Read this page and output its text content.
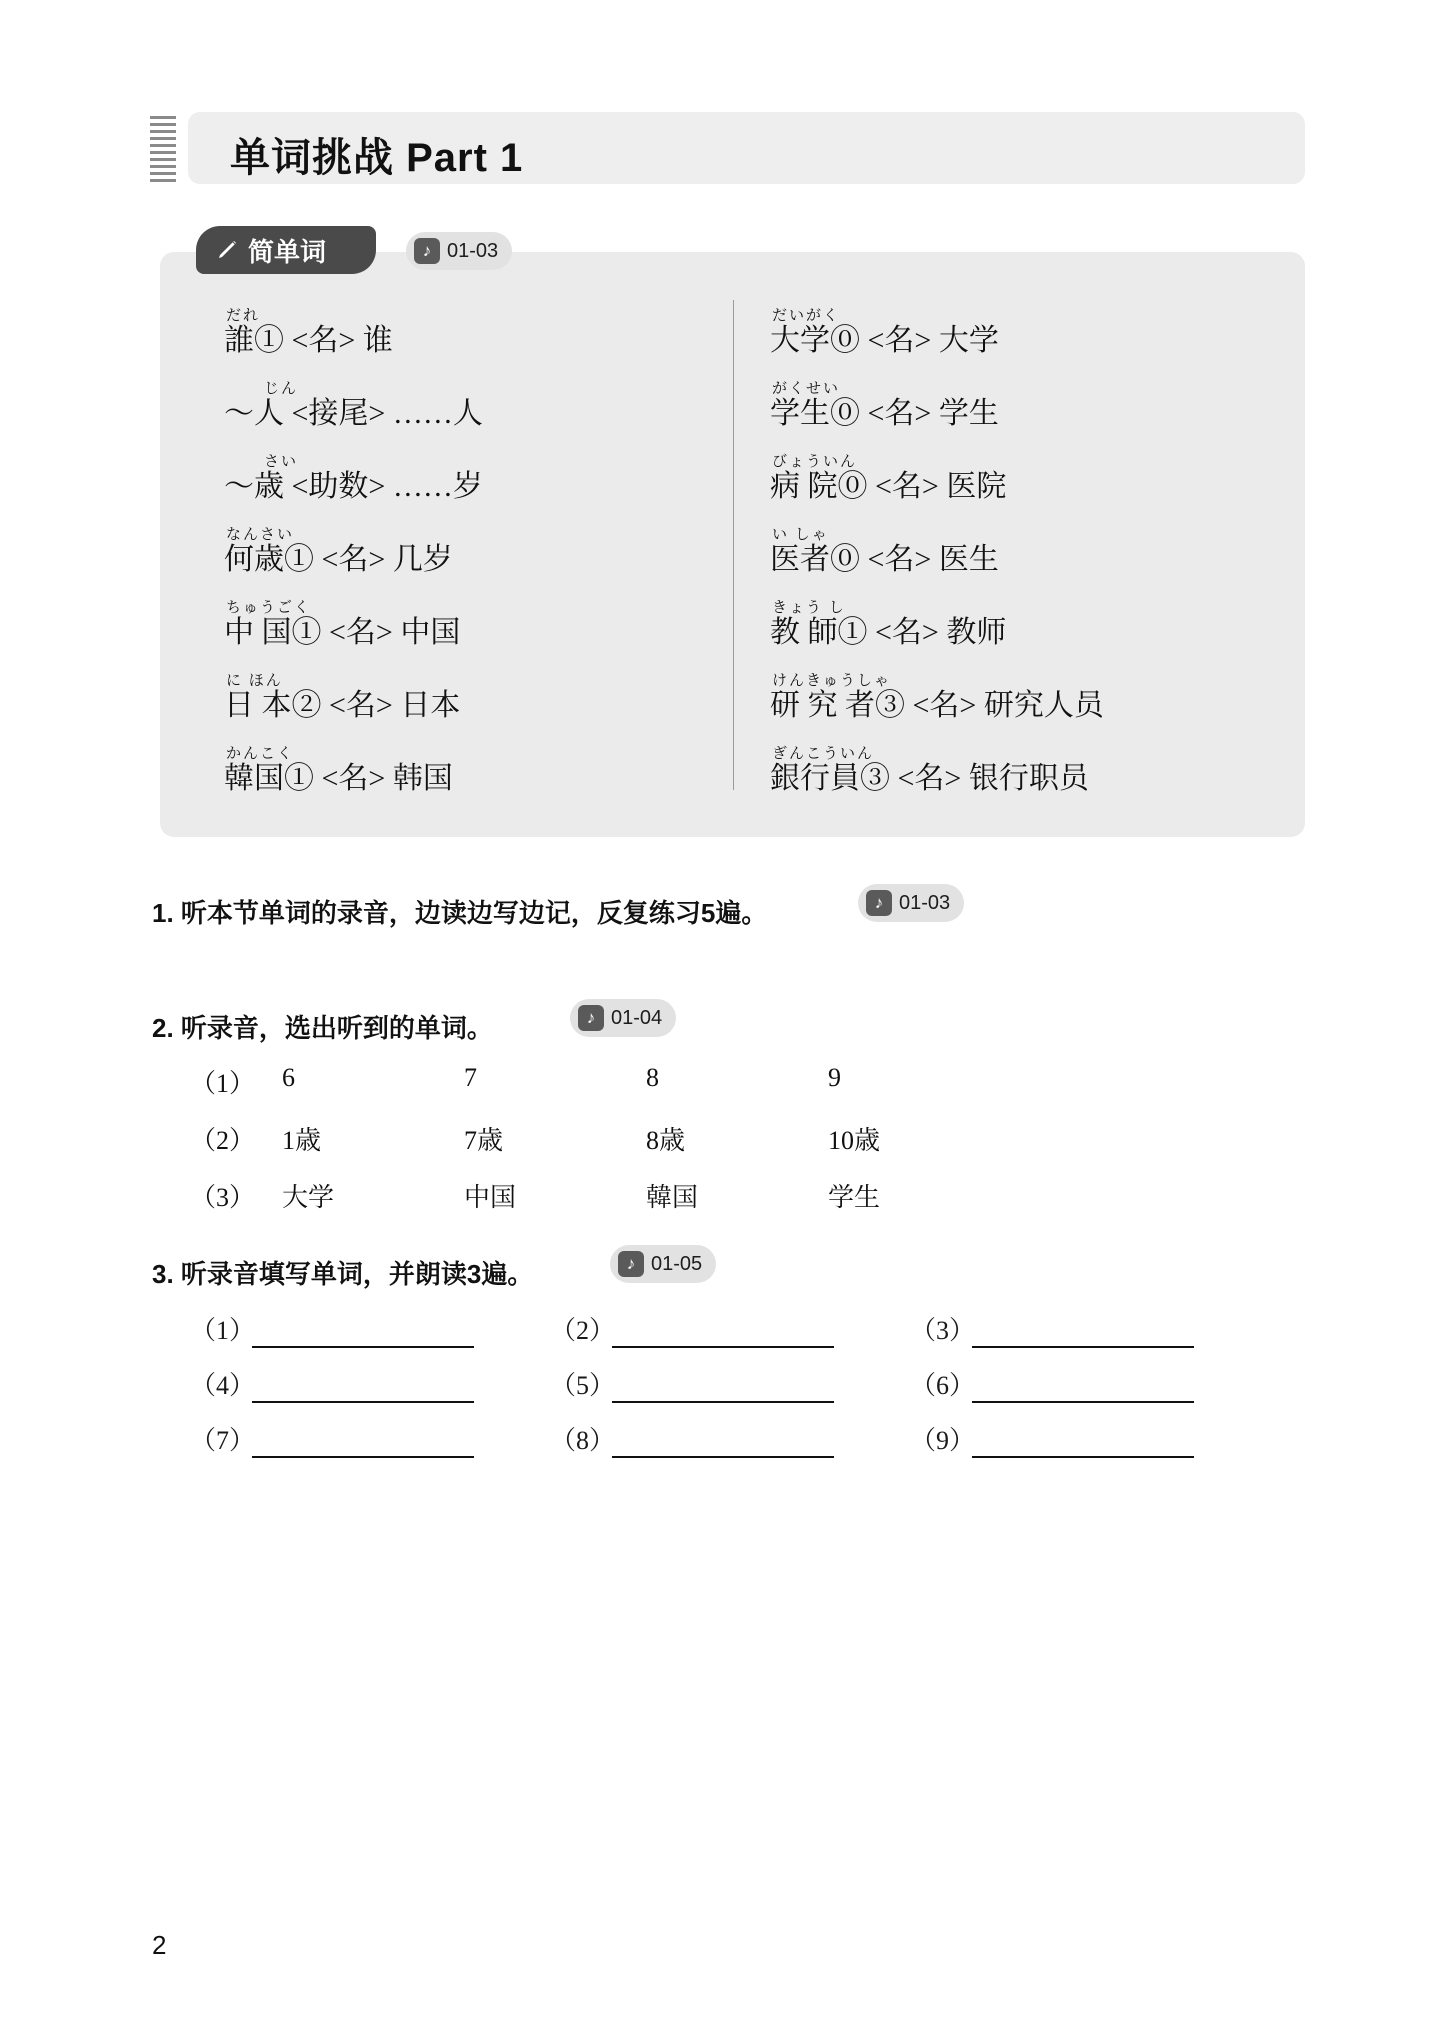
单词挑战 Part 1
简单词	♪ 01-03
だれ
誰① <名> 谁
じん
〜人 <接尾> ……人
さい
〜歳 <助数> ……岁
なんさい
何歳① <名> 几岁
ちゅうごく
中 国① <名> 中国
に ほん
日 本② <名> 日本
かんこく
韓国① <名> 韩国
だいがく
大学⓪ <名> 大学
がくせい
学生⓪ <名> 学生
びょういん
病 院⓪ <名> 医院
い しゃ
医者⓪ <名> 医生
きょう し
教 師① <名> 教师
けんきゅうしゃ
研 究 者③ <名> 研究人员
ぎんこういん
銀行員③ <名> 银行职员
1. 听本节单词的录音，边读边写边记，反复练习5遍。	♪ 01-03
2. 听录音，选出听到的单词。	♪ 01-04
（1）	6	7	8	9
（2）	1歳	7歳	8歳	10歳
（3）	大学	中国	韓国	学生
3. 听录音填写单词，并朗读3遍。	♪ 01-05
（1）	（2）	（3）
（4）	（5）	（6）
（7）	（8）	（9）
2
